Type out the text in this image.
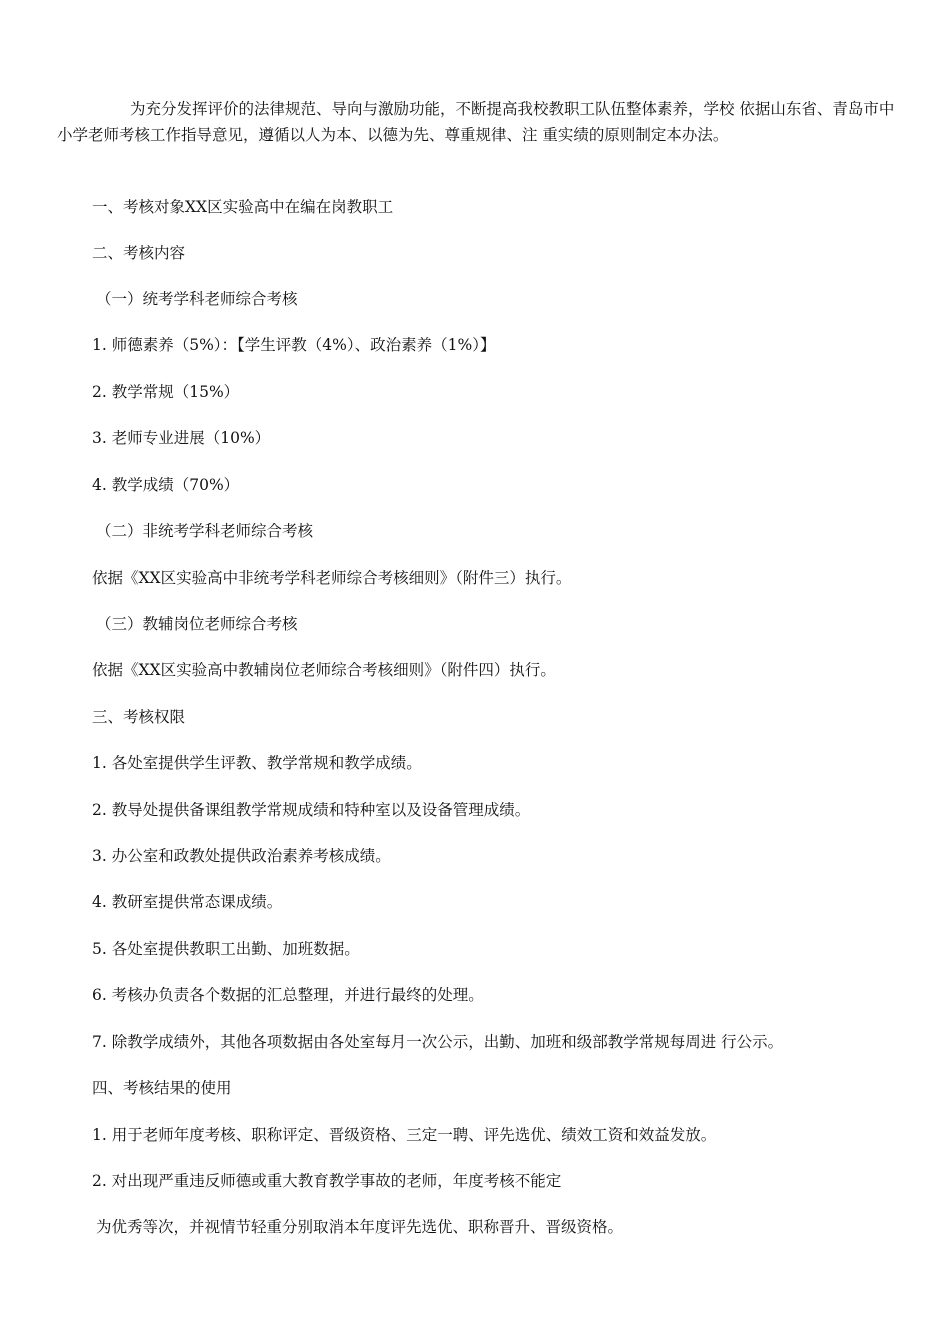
为充分发挥评价的法律规范、导向与激励功能，不断提高我校教职工队伍整体素养，学校 依据山东省、青岛市中小学老师考核工作指导意见，遵循以人为本、以德为先、尊重规律、注 重实绩的原则制定本办法。

一、考核对象XX区实验高中在编在岗教职工

二、考核内容

（一）统考学科老师综合考核

1. 师德素养（5%）：【学生评教（4%）、政治素养（1%）】

2. 教学常规（15%）

3. 老师专业进展（10%）

4. 教学成绩（70%）

（二）非统考学科老师综合考核

依据《XX区实验高中非统考学科老师综合考核细则》（附件三）执行。

（三）教辅岗位老师综合考核

依据《XX区实验高中教辅岗位老师综合考核细则》（附件四）执行。

三、考核权限

1. 各处室提供学生评教、教学常规和教学成绩。

2. 教导处提供备课组教学常规成绩和特种室以及设备管理成绩。

3. 办公室和政教处提供政治素养考核成绩。

4. 教研室提供常态课成绩。

5. 各处室提供教职工出勤、加班数据。

6. 考核办负责各个数据的汇总整理，并进行最终的处理。

7. 除教学成绩外，其他各项数据由各处室每月一次公示，出勤、加班和级部教学常规每周进 行公示。

四、考核结果的使用

1. 用于老师年度考核、职称评定、晋级资格、三定一聘、评先选优、绩效工资和效益发放。

2. 对出现严重违反师德或重大教育教学事故的老师，年度考核不能定

为优秀等次，并视情节轻重分别取消本年度评先选优、职称晋升、晋级资格。
